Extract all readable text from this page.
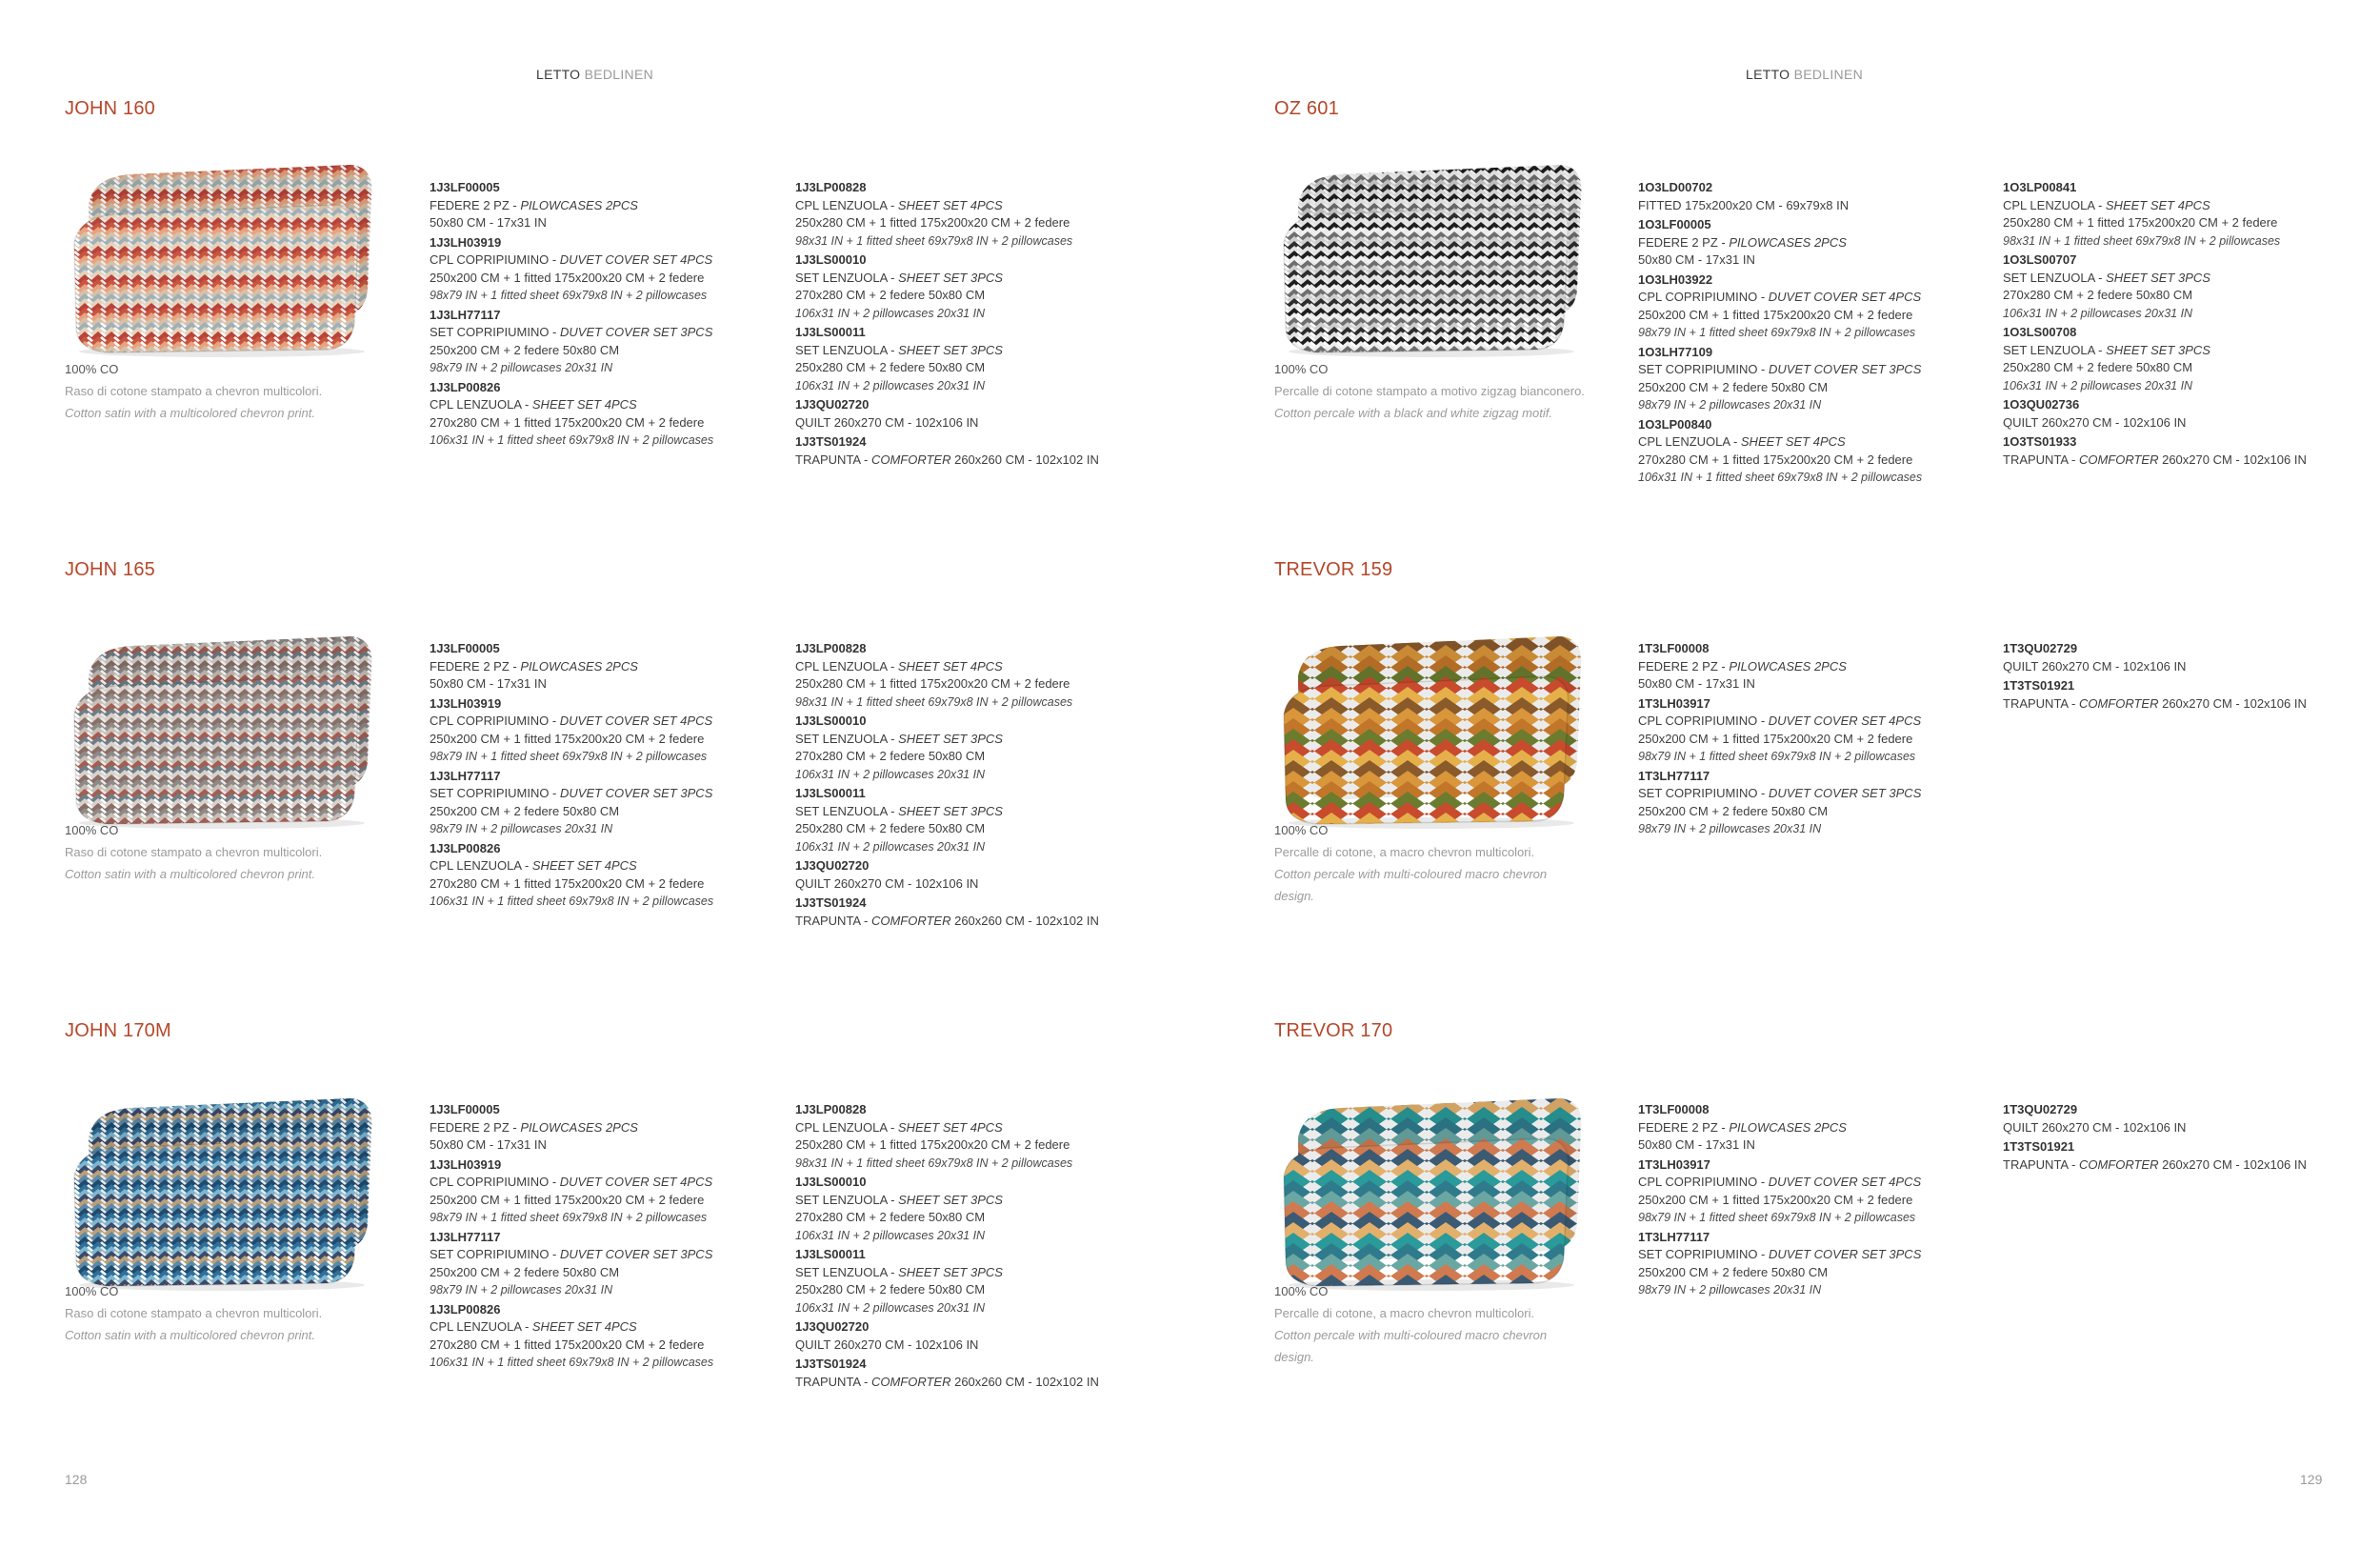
LETTO BEDLINEN	LETTO BEDLINEN
JOHN 160
100% CO
Raso di cotone stampato a chevron multicolori.
Cotton satin with a multicolored chevron print.
1J3LF00005
FEDERE 2 PZ - PILOWCASES 2PCS
50x80 CM - 17x31 IN
1J3LH03919
CPL COPRIPIUMINO - DUVET COVER SET 4PCS
250x200 CM + 1 fitted 175x200x20 CM + 2 federe
98x79 IN + 1 fitted sheet 69x79x8 IN + 2 pillowcases
1J3LH77117
SET COPRIPIUMINO - DUVET COVER SET 3PCS
250x200 CM + 2 federe 50x80 CM
98x79 IN + 2 pillowcases 20x31 IN
1J3LP00826
CPL LENZUOLA - SHEET SET 4PCS
270x280 CM + 1 fitted 175x200x20 CM + 2 federe
106x31 IN + 1 fitted sheet 69x79x8 IN + 2 pillowcases
1J3LP00828
CPL LENZUOLA - SHEET SET 4PCS
250x280 CM + 1 fitted 175x200x20 CM + 2 federe
98x31 IN + 1 fitted sheet 69x79x8 IN + 2 pillowcases
1J3LS00010
SET LENZUOLA - SHEET SET 3PCS
270x280 CM + 2 federe 50x80 CM
106x31 IN + 2 pillowcases 20x31 IN
1J3LS00011
SET LENZUOLA - SHEET SET 3PCS
250x280 CM + 2 federe 50x80 CM
106x31 IN + 2 pillowcases 20x31 IN
1J3QU02720
QUILT 260x270 CM - 102x106 IN
1J3TS01924
TRAPUNTA - COMFORTER 260x260 CM - 102x102 IN
JOHN 165
100% CO
Raso di cotone stampato a chevron multicolori.
Cotton satin with a multicolored chevron print.
1J3LF00005
FEDERE 2 PZ - PILOWCASES 2PCS
50x80 CM - 17x31 IN
1J3LH03919
CPL COPRIPIUMINO - DUVET COVER SET 4PCS
250x200 CM + 1 fitted 175x200x20 CM + 2 federe
98x79 IN + 1 fitted sheet 69x79x8 IN + 2 pillowcases
1J3LH77117
SET COPRIPIUMINO - DUVET COVER SET 3PCS
250x200 CM + 2 federe 50x80 CM
98x79 IN + 2 pillowcases 20x31 IN
1J3LP00826
CPL LENZUOLA - SHEET SET 4PCS
270x280 CM + 1 fitted 175x200x20 CM + 2 federe
106x31 IN + 1 fitted sheet 69x79x8 IN + 2 pillowcases
1J3LP00828
CPL LENZUOLA - SHEET SET 4PCS
250x280 CM + 1 fitted 175x200x20 CM + 2 federe
98x31 IN + 1 fitted sheet 69x79x8 IN + 2 pillowcases
1J3LS00010
SET LENZUOLA - SHEET SET 3PCS
270x280 CM + 2 federe 50x80 CM
106x31 IN + 2 pillowcases 20x31 IN
1J3LS00011
SET LENZUOLA - SHEET SET 3PCS
250x280 CM + 2 federe 50x80 CM
106x31 IN + 2 pillowcases 20x31 IN
1J3QU02720
QUILT 260x270 CM - 102x106 IN
1J3TS01924
TRAPUNTA - COMFORTER 260x260 CM - 102x102 IN
JOHN 170M
100% CO
Raso di cotone stampato a chevron multicolori.
Cotton satin with a multicolored chevron print.
1J3LF00005
FEDERE 2 PZ - PILOWCASES 2PCS
50x80 CM - 17x31 IN
1J3LH03919
CPL COPRIPIUMINO - DUVET COVER SET 4PCS
250x200 CM + 1 fitted 175x200x20 CM + 2 federe
98x79 IN + 1 fitted sheet 69x79x8 IN + 2 pillowcases
1J3LH77117
SET COPRIPIUMINO - DUVET COVER SET 3PCS
250x200 CM + 2 federe 50x80 CM
98x79 IN + 2 pillowcases 20x31 IN
1J3LP00826
CPL LENZUOLA - SHEET SET 4PCS
270x280 CM + 1 fitted 175x200x20 CM + 2 federe
106x31 IN + 1 fitted sheet 69x79x8 IN + 2 pillowcases
1J3LP00828
CPL LENZUOLA - SHEET SET 4PCS
250x280 CM + 1 fitted 175x200x20 CM + 2 federe
98x31 IN + 1 fitted sheet 69x79x8 IN + 2 pillowcases
1J3LS00010
SET LENZUOLA - SHEET SET 3PCS
270x280 CM + 2 federe 50x80 CM
106x31 IN + 2 pillowcases 20x31 IN
1J3LS00011
SET LENZUOLA - SHEET SET 3PCS
250x280 CM + 2 federe 50x80 CM
106x31 IN + 2 pillowcases 20x31 IN
1J3QU02720
QUILT 260x270 CM - 102x106 IN
1J3TS01924
TRAPUNTA - COMFORTER 260x260 CM - 102x102 IN
OZ 601
100% CO
Percalle di cotone stampato a motivo zigzag bianconero.
Cotton percale with a black and white zigzag motif.
1O3LD00702
FITTED 175x200x20 CM - 69x79x8 IN
1O3LF00005
FEDERE 2 PZ - PILOWCASES 2PCS
50x80 CM - 17x31 IN
1O3LH03922
CPL COPRIPIUMINO - DUVET COVER SET 4PCS
250x200 CM + 1 fitted 175x200x20 CM + 2 federe
98x79 IN + 1 fitted sheet 69x79x8 IN + 2 pillowcases
1O3LH77109
SET COPRIPIUMINO - DUVET COVER SET 3PCS
250x200 CM + 2 federe 50x80 CM
98x79 IN + 2 pillowcases 20x31 IN
1O3LP00840
CPL LENZUOLA - SHEET SET 4PCS
270x280 CM + 1 fitted 175x200x20 CM + 2 federe
106x31 IN + 1 fitted sheet 69x79x8 IN + 2 pillowcases
1O3LP00841
CPL LENZUOLA - SHEET SET 4PCS
250x280 CM + 1 fitted 175x200x20 CM + 2 federe
98x31 IN + 1 fitted sheet 69x79x8 IN + 2 pillowcases
1O3LS00707
SET LENZUOLA - SHEET SET 3PCS
270x280 CM + 2 federe 50x80 CM
106x31 IN + 2 pillowcases 20x31 IN
1O3LS00708
SET LENZUOLA - SHEET SET 3PCS
250x280 CM + 2 federe 50x80 CM
106x31 IN + 2 pillowcases 20x31 IN
1O3QU02736
QUILT 260x270 CM - 102x106 IN
1O3TS01933
TRAPUNTA - COMFORTER 260x270 CM - 102x106 IN
TREVOR 159
100% CO
Percalle di cotone, a macro chevron multicolori.
Cotton percale with multi-coloured macro chevron design.
1T3LF00008
FEDERE 2 PZ - PILOWCASES 2PCS
50x80 CM - 17x31 IN
1T3LH03917
CPL COPRIPIUMINO - DUVET COVER SET 4PCS
250x200 CM + 1 fitted 175x200x20 CM + 2 federe
98x79 IN + 1 fitted sheet 69x79x8 IN + 2 pillowcases
1T3LH77117
SET COPRIPIUMINO - DUVET COVER SET 3PCS
250x200 CM + 2 federe 50x80 CM
98x79 IN + 2 pillowcases 20x31 IN
1T3QU02729
QUILT 260x270 CM - 102x106 IN
1T3TS01921
TRAPUNTA - COMFORTER 260x270 CM - 102x106 IN
TREVOR 170
100% CO
Percalle di cotone, a macro chevron multicolori.
Cotton percale with multi-coloured macro chevron design.
1T3LF00008
FEDERE 2 PZ - PILOWCASES 2PCS
50x80 CM - 17x31 IN
1T3LH03917
CPL COPRIPIUMINO - DUVET COVER SET 4PCS
250x200 CM + 1 fitted 175x200x20 CM + 2 federe
98x79 IN + 1 fitted sheet 69x79x8 IN + 2 pillowcases
1T3LH77117
SET COPRIPIUMINO - DUVET COVER SET 3PCS
250x200 CM + 2 federe 50x80 CM
98x79 IN + 2 pillowcases 20x31 IN
1T3QU02729
QUILT 260x270 CM - 102x106 IN
1T3TS01921
TRAPUNTA - COMFORTER 260x270 CM - 102x106 IN
128	129
